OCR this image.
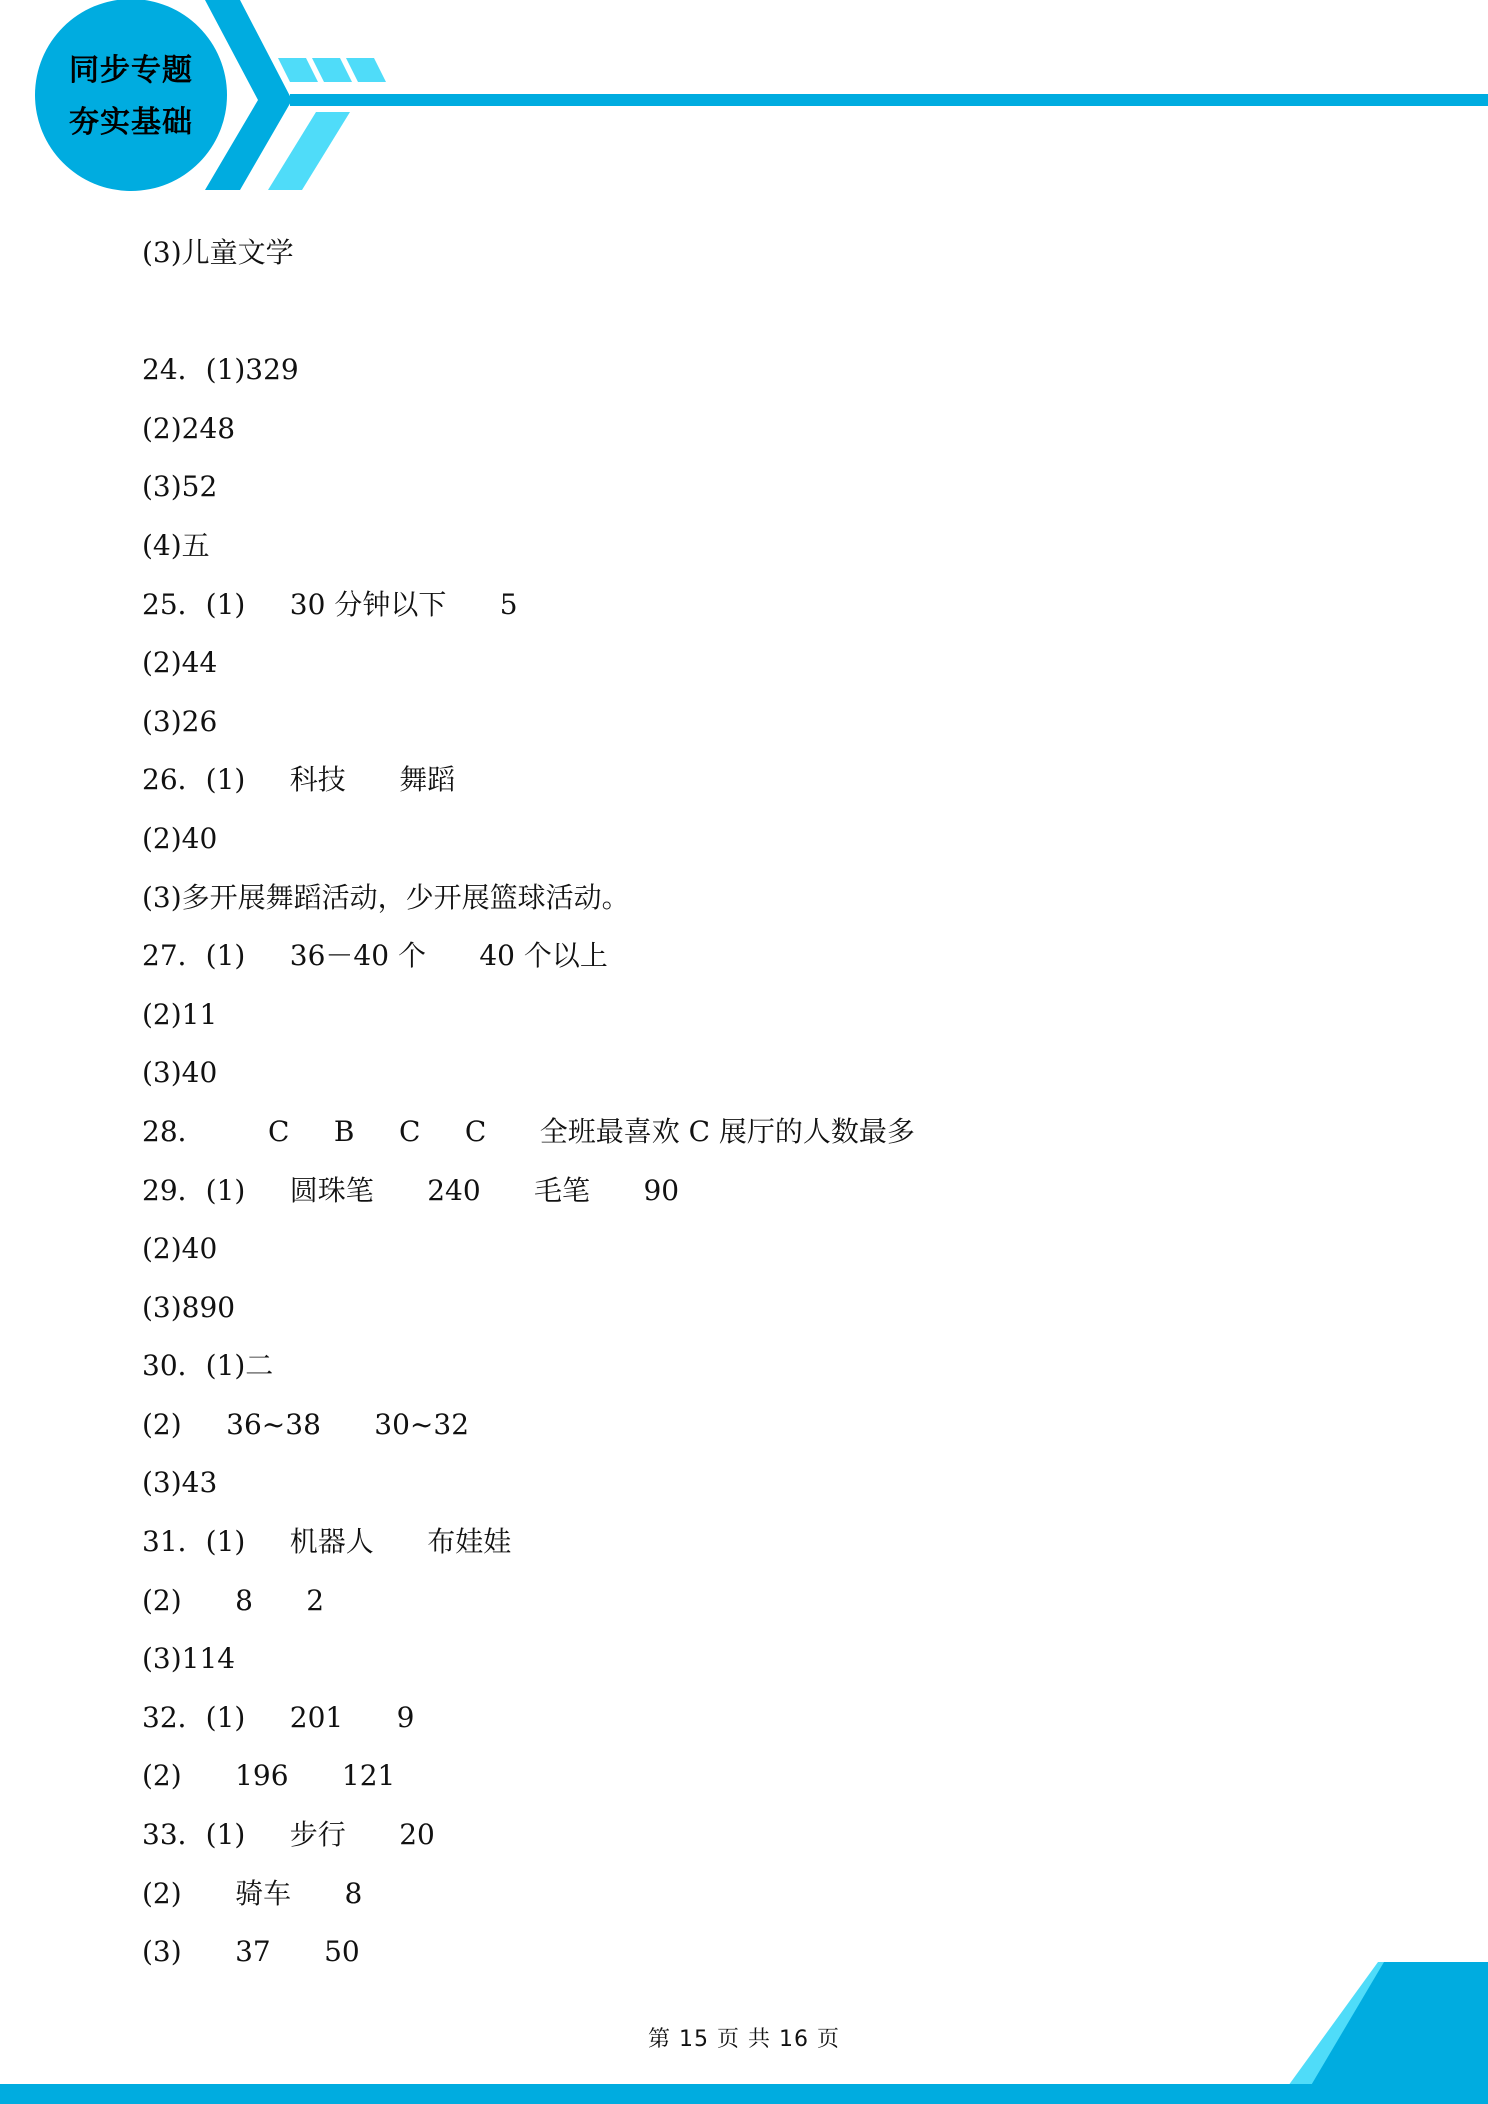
同步专题
夯实基础
(3)儿童文学
24．(1)329
(2)248
(3)52
(4)五
25．(1)     30 分钟以下      5
(2)44
(3)26
26．(1)     科技      舞蹈
(2)40
(3)多开展舞蹈活动，少开展篮球活动。
27．(1)     36－40 个      40 个以上
(2)11
(3)40
28．       C     B     C     C      全班最喜欢 C 展厅的人数最多
29．(1)     圆珠笔      240      毛笔      90
(2)40
(3)890
30．(1)二
(2)     36~38      30~32
(3)43
31．(1)     机器人      布娃娃
(2)      8      2
(3)114
32．(1)     201      9
(2)      196      121
33．(1)     步行      20
(2)      骑车      8
(3)      37      50
第 15 页 共 16 页
